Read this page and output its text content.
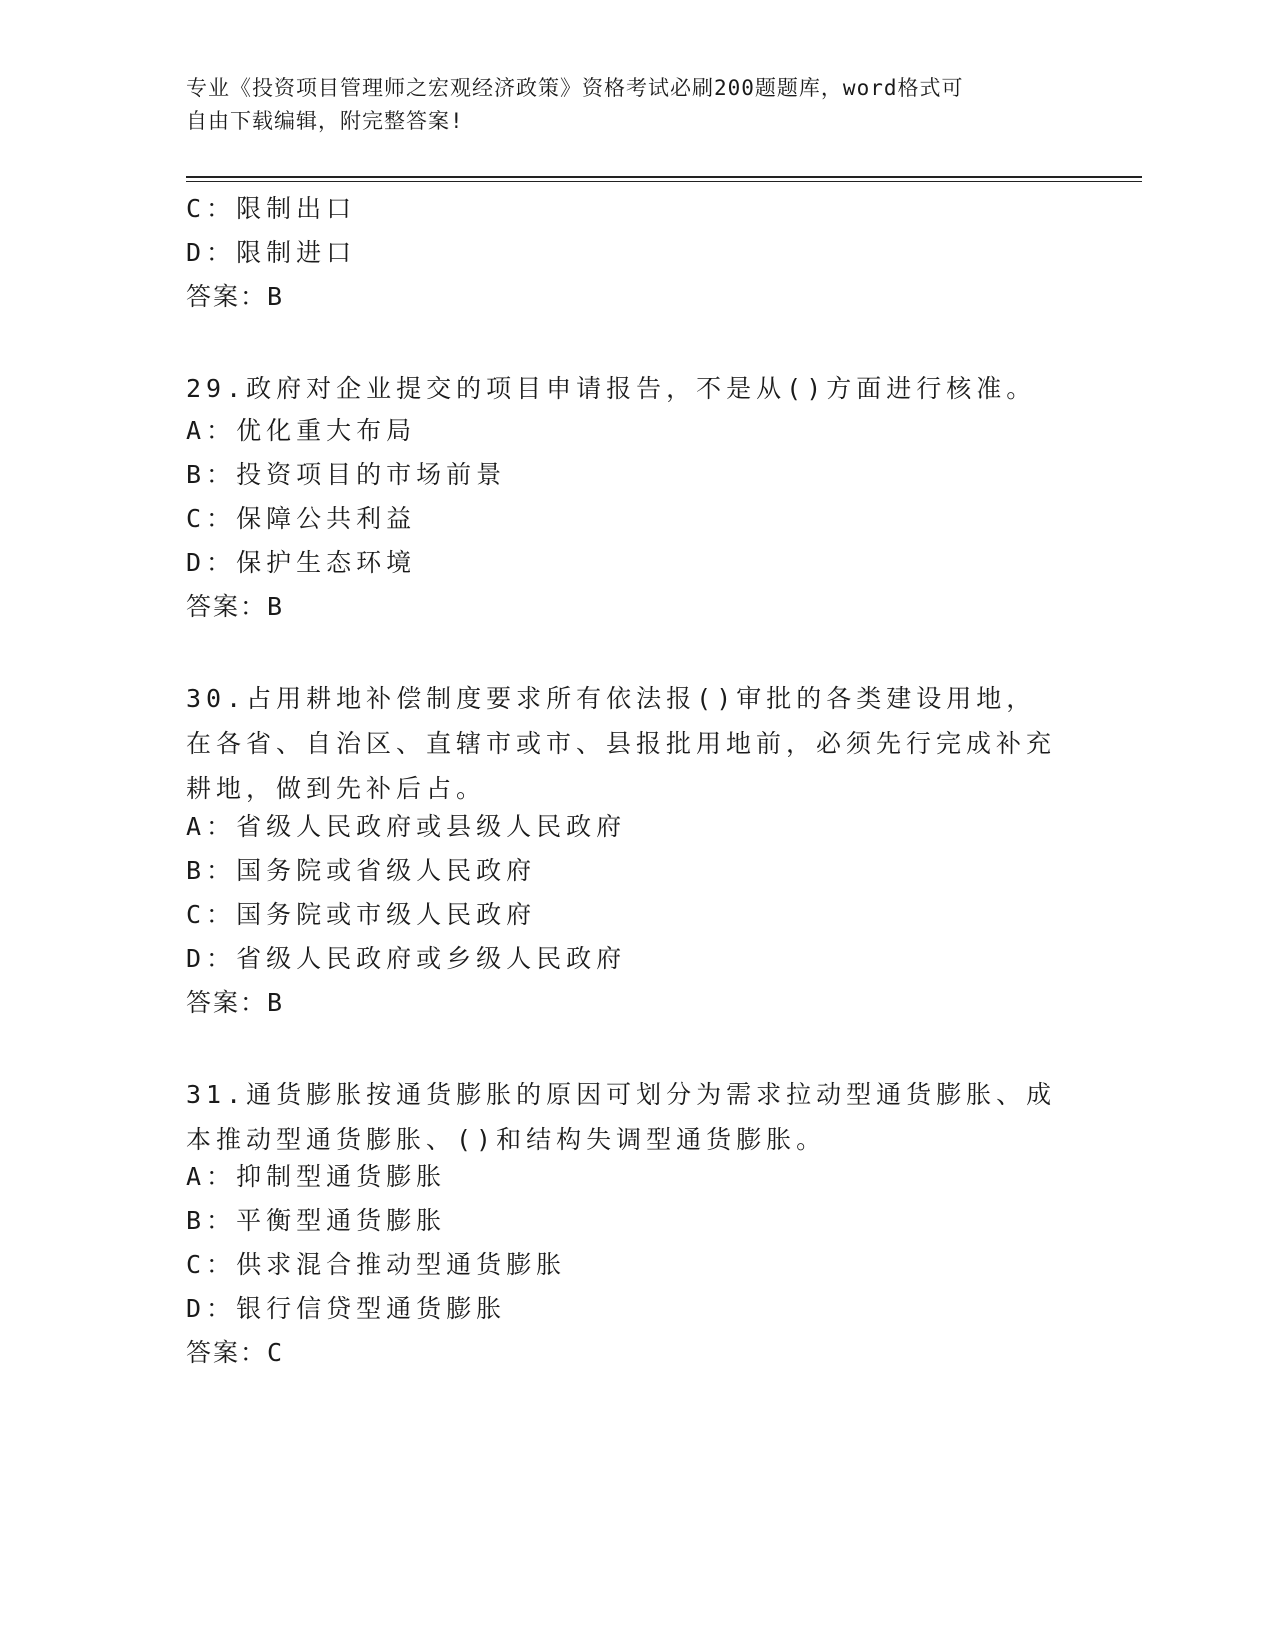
专业《投资项目管理师之宏观经济政策》资格考试必刷200题题库，word格式可
自由下载编辑，附完整答案!
C：限制出口
D：限制进口
答案：B
29.政府对企业提交的项目申请报告，不是从()方面进行核准。
A：优化重大布局
B：投资项目的市场前景
C：保障公共利益
D：保护生态环境
答案：B
30.占用耕地补偿制度要求所有依法报()审批的各类建设用地，在各省、自治区、直辖市或市、县报批用地前，必须先行完成补充耕地，做到先补后占。
A：省级人民政府或县级人民政府
B：国务院或省级人民政府
C：国务院或市级人民政府
D：省级人民政府或乡级人民政府
答案：B
31.通货膨胀按通货膨胀的原因可划分为需求拉动型通货膨胀、成本推动型通货膨胀、()和结构失调型通货膨胀。
A：抑制型通货膨胀
B：平衡型通货膨胀
C：供求混合推动型通货膨胀
D：银行信贷型通货膨胀
答案：C
